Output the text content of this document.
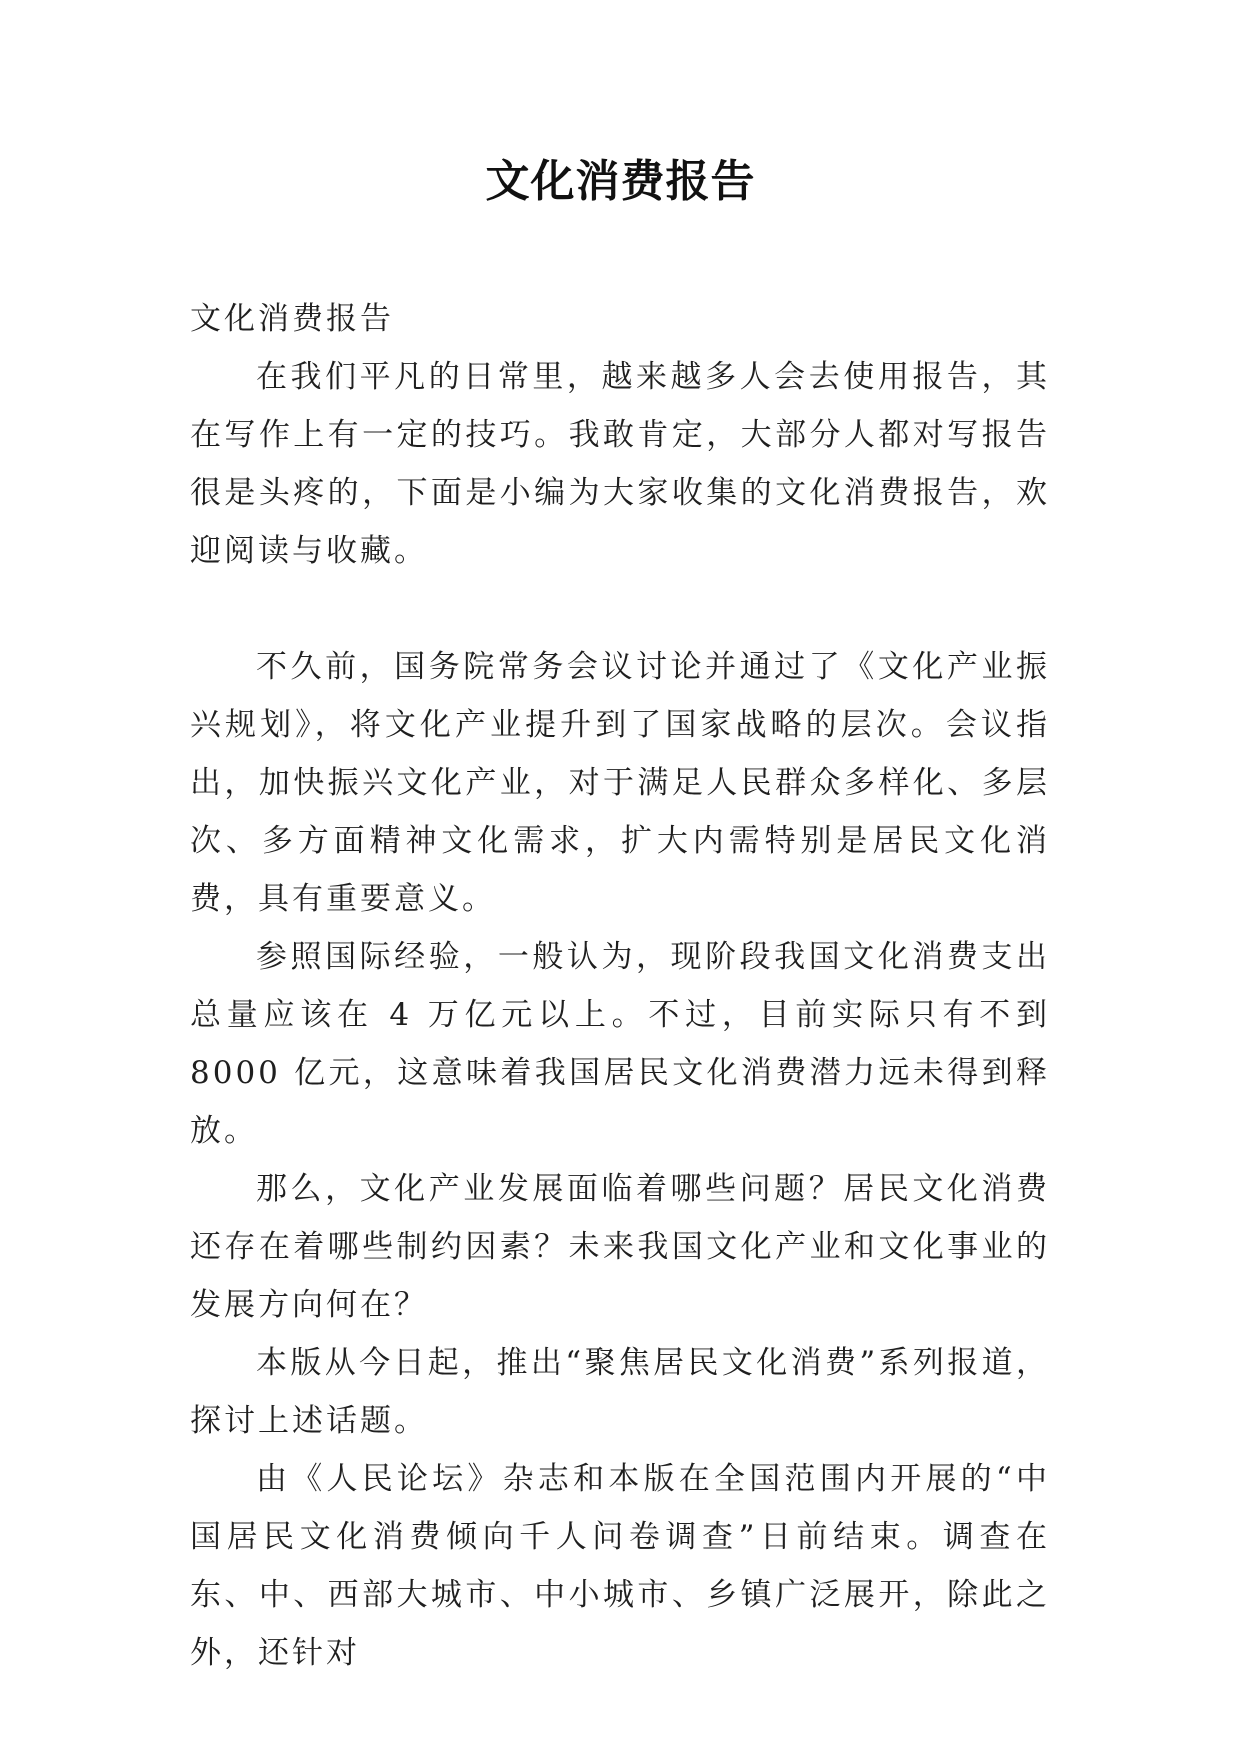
文化消费报告

文化消费报告

在我们平凡的日常里，越来越多人会去使用报告，其在写作上有一定的技巧。我敢肯定，大部分人都对写报告很是头疼的，下面是小编为大家收集的文化消费报告，欢迎阅读与收藏。

不久前，国务院常务会议讨论并通过了《文化产业振兴规划》，将文化产业提升到了国家战略的层次。会议指出，加快振兴文化产业，对于满足人民群众多样化、多层次、多方面精神文化需求，扩大内需特别是居民文化消费，具有重要意义。

参照国际经验，一般认为，现阶段我国文化消费支出总量应该在 4 万亿元以上。不过，目前实际只有不到 8000 亿元，这意味着我国居民文化消费潜力远未得到释放。

那么，文化产业发展面临着哪些问题？居民文化消费还存在着哪些制约因素？未来我国文化产业和文化事业的发展方向何在？

本版从今日起，推出“聚焦居民文化消费”系列报道，探讨上述话题。

由《人民论坛》杂志和本版在全国范围内开展的“中国居民文化消费倾向千人问卷调查”日前结束。调查在东、中、西部大城市、中小城市、乡镇广泛展开，除此之外，还针对
